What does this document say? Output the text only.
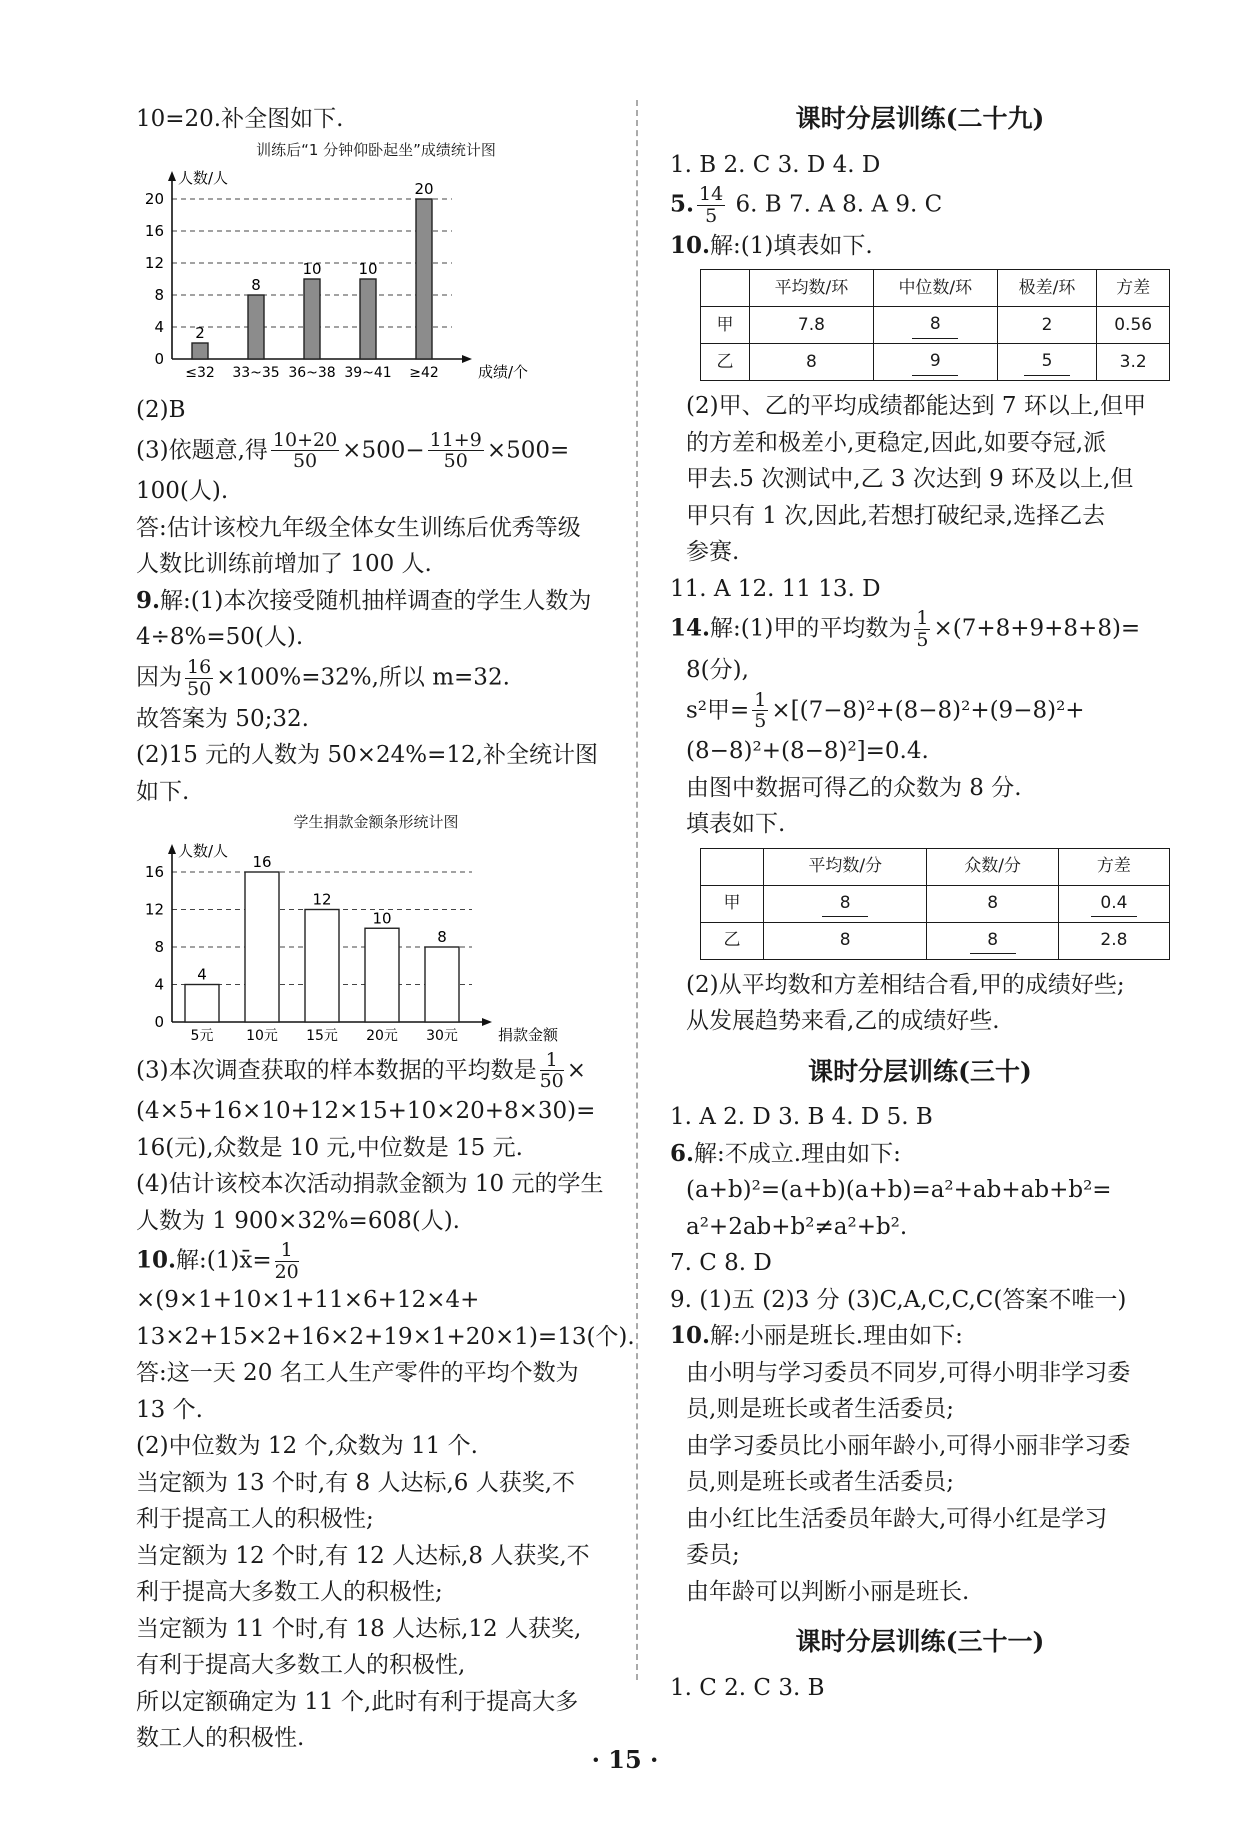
10=20.补全图如下.

训练后“1 分钟仰卧起坐”成绩统计图

0
4
8
12
16
20
人数/人
成绩/个
2
≤32
8
33~35
10
36~38
10
39~41
20
≥42

(2)B

(3)依题意,得 $\frac{10+20}{50} \times 500- \frac{11+9}{50} \times 500=$

100(人).

答:估计该校九年级全体女生训练后优秀等级

人数比训练前增加了 100 人.

9.解:(1)本次接受随机抽样调查的学生人数为

4÷8%=50(人).

因为 $\frac{16}{50} \times 100\%=32\%$,所以 m=32.

故答案为 50;32.

(2)15 元的人数为 50×24%=12,补全统计图

如下.

学生捐款金额条形统计图

0
4
8
12
16
人数/人
捐款金额
4
5元
16
10元
12
15元
10
20元
8
30元

(3)本次调查获取的样本数据的平均数是 $\frac{1}{50}$ ×

(4×5+16×10+12×15+10×20+8×30)=

16(元),众数是 10 元,中位数是 15 元.

(4)估计该校本次活动捐款金额为 10 元的学生

人数为 1 900×32%=608(人).

10.解:(1)x̄= $\frac{1}{20}$
×(9×1+10×1+11×6+12×4+

13×2+15×2+16×2+19×1+20×1)=13(个).

答:这一天 20 名工人生产零件的平均个数为

13 个.

(2)中位数为 12 个,众数为 11 个.

当定额为 13 个时,有 8 人达标,6 人获奖,不

利于提高工人的积极性;

当定额为 12 个时,有 12 人达标,8 人获奖,不

利于提高大多数工人的积极性;

当定额为 11 个时,有 18 人达标,12 人获奖,

有利于提高大多数工人的积极性,

所以定额确定为 11 个,此时有利于提高大多

数工人的积极性.

课时分层训练(二十九)

1. B 2. C 3. D 4. D

5. $\frac{14}{5} 6$. B 7. A 8. A 9. C

10.解:(1)填表如下.

	平均数/环	中位数/环	极差/环	方差
甲	7.8	8	2	0.56
乙	8	9	5	3.2

(2)甲、乙的平均成绩都能达到 7 环以上,但甲

的方差和极差小,更稳定,因此,如要夺冠,派

甲去.5 次测试中,乙 3 次达到 9 环及以上,但

甲只有 1 次,因此,若想打破纪录,选择乙去

参赛.

11. A 12. 11 13. D

14.解:(1)甲的平均数为 $\frac{1}{5} \times(7+8+9+8+8)=$

8(分),

s²甲= $\frac{1}{5} \times[(7-8)^2+(8-8)^2+(9-8)^2+$

(8−8)²+(8−8)²]=0.4.

由图中数据可得乙的众数为 8 分.

填表如下.

	平均数/分	众数/分	方差
甲	8	8	0.4
乙	8	8	2.8

(2)从平均数和方差相结合看,甲的成绩好些;

从发展趋势来看,乙的成绩好些.

课时分层训练(三十)

1. A 2. D 3. B 4. D 5. B

6.解:不成立.理由如下:

(a+b)²=(a+b)(a+b)=a²+ab+ab+b²=

a²+2ab+b²≠a²+b².

7. C 8. D

9. (1)五 (2)3 分 (3)C,A,C,C,C(答案不唯一)

10.解:小丽是班长.理由如下:

由小明与学习委员不同岁,可得小明非学习委

员,则是班长或者生活委员;

由学习委员比小丽年龄小,可得小丽非学习委

员,则是班长或者生活委员;

由小红比生活委员年龄大,可得小红是学习

委员;

由年龄可以判断小丽是班长.

课时分层训练(三十一)

1. C 2. C 3. B

· 15 ·
